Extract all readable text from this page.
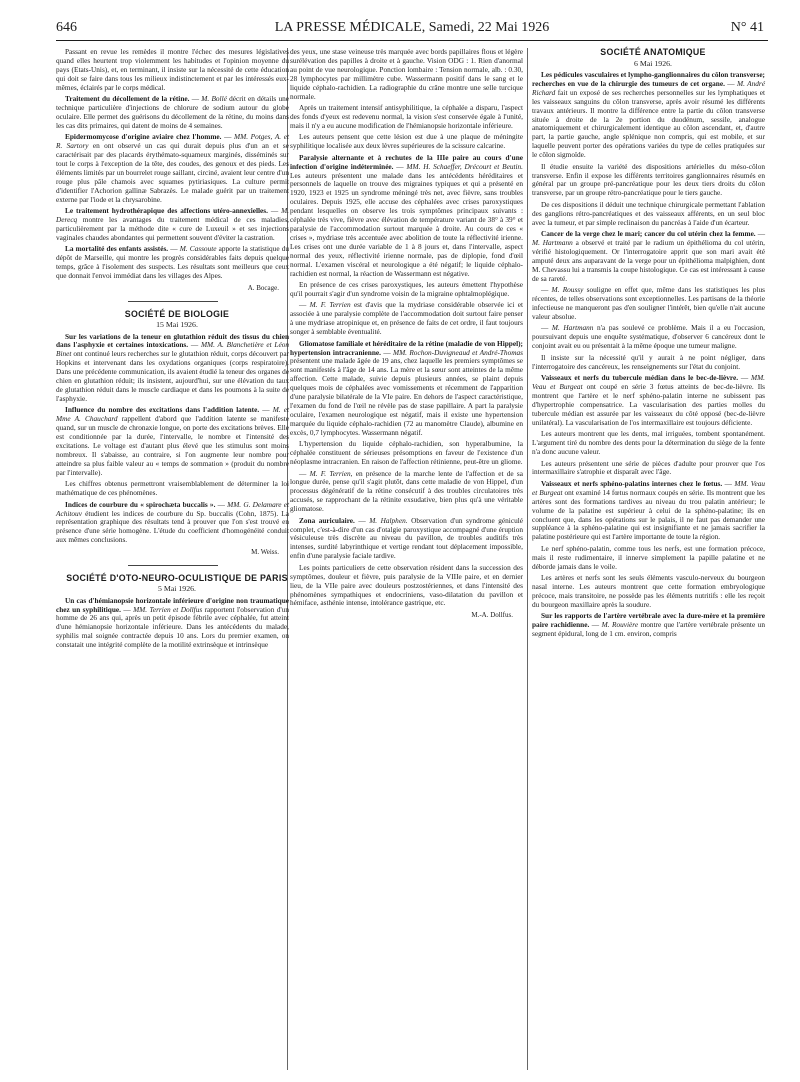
646	LA PRESSE MÉDICALE, Samedi, 22 Mai 1926	N° 41

Passant en revue les remèdes il montre l'échec des mesures législatives quand elles heurtent trop violemment les habitudes et l'opinion moyenne du pays (Etats-Unis), et, en terminant, il insiste sur la nécessité de cette éducation qui doit se faire dans tous les milieux indistinctement et par les intéressés eux-mêmes, éclairés par le corps médical.

Traitement du décollement de la rétine. — M. Bollé décrit en détails une technique particulière d'injections de chlorure de sodium autour du globe oculaire. Elle permet des guérisons du décollement de la rétine, du moins dans les cas dits primaires, qui datent de moins de 4 semaines.

Epidermomycose d'origine aviaire chez l'homme. — MM. Potges, A. et R. Sartory en ont observé un cas qui durait depuis plus d'un an et se caractérisait par des placards érythémato-squameux marginés, disséminés sur tout le corps à l'exception de la tête, des coudes, des genoux et des pieds. Les éléments limités par un bourrelet rouge saillant, circiné, avaient leur centre d'un rouge plus pâle chamois avec squames pytiriasiques. La culture permit d'identifier l'Achorion gallinæ Sabrazès. Le malade guérit par un traitement externe par l'iode et la chrysarobine.

Le traitement hydrothérapique des affections utéro-annexielles. — M. Derecq montre les avantages du traitement médical de ces maladies, particulièrement par la méthode dite « cure de Luxeuil » et ses injections vaginales chaudes abondantes qui permettent souvent d'éviter la castration.

La mortalité des enfants assistés. — M. Cassoute apporte la statistique du dépôt de Marseille, qui montre les progrès considérables faits depuis quelque temps, grâce à l'isolement des suspects. Les résultats sont meilleurs que ceux que donnait l'envoi immédiat dans les villages des Alpes.

A. Bocage.

SOCIÉTÉ DE BIOLOGIE

15 Mai 1926.

Sur les variations de la teneur en glutathion réduit des tissus du chien dans l'asphyxie et certaines intoxications. — MM. A. Blanchetière et Léon Binet ont continué leurs recherches sur le glutathion réduit, corps découvert par Hopkins et intervenant dans les oxydations organiques (corps respiratoire). Dans une précédente communication, ils avaient étudié la teneur des organes de chien en glutathion réduit; ils insistent, aujourd'hui, sur une élévation du taux de glutathion réduit dans le muscle cardiaque et dans les poumons à la suite de l'asphyxie.

Influence du nombre des excitations dans l'addition latente. — M. et Mme A. Chauchard rappellent d'abord que l'addition latente se manifeste quand, sur un muscle de chronaxie longue, on porte des excitations brèves. Elle est conditionnée par la durée, l'intervalle, le nombre et l'intensité des excitations. Le voltage est d'autant plus élevé que les stimulus sont moins nombreux. Il s'abaisse, au contraire, si l'on augmente leur nombre pour atteindre sa plus faible valeur au « temps de sommation » (produit du nombre par l'intervalle).

Les chiffres obtenus permettront vraisemblablement de déterminer la loi mathématique de ces phénomènes.

Indices de courbure du « spirochæta buccalis ». — MM. G. Delamare et Achitouv étudient les indices de courbure du Sp. buccalis (Cohn, 1875). La représentation graphique des résultats tend à prouver que l'on s'est trouvé en présence d'une série homogène. L'étude du coefficient d'homogénéité conduit aux mêmes conclusions.

M. Weiss.

SOCIÉTÉ D'OTO-NEURO-OCULISTIQUE DE PARIS

5 Mai 1926.

Un cas d'hémianopsie horizontale inférieure d'origine non traumatique chez un syphilitique. — MM. Terrien et Dollfus rapportent l'observation d'un homme de 26 ans qui, après un petit épisode fébrile avec céphalée, fut atteint d'une hémianopsie horizontale inférieure. Dans les antécédents du malade, syphilis mal soignée contractée depuis 10 ans. Lors du premier examen, on constatait une intégrité complète de la motilité extrinsèque et intrinsèque

des yeux, une stase veineuse très marquée avec bords papillaires flous et légère surélévation des papilles à droite et à gauche. Vision ODG : 1. Rien d'anormal au point de vue neurologique. Ponction lombaire : Tension normale, alb. : 0.30, 28 lymphocytes par millimètre cube. Wassermann positif dans le sang et le liquide céphalo-rachidien. La radiographie du crâne montre une selle turcique normale.

Après un traitement intensif antisyphilitique, la céphalée a disparu, l'aspect des fonds d'yeux est redevenu normal, la vision s'est conservée égale à l'unité, mais il n'y a eu aucune modification de l'hémianopsie horizontale inférieure.

Les auteurs pensent que cette lésion est due à une plaque de méningite syphilitique localisée aux deux lèvres supérieures de la scissure calcarine.

Paralysie alternante et à rechutes de la IIIe paire au cours d'une infection d'origine indéterminée. — MM. H. Schaeffer, Drécourt et Beutin. Les auteurs présentent une malade dans les antécédents héréditaires et personnels de laquelle on trouve des migraines typiques et qui a présenté en 1920, 1923 et 1925 un syndrome méningé très net, avec fièvre, sans troubles oculaires. Depuis 1925, elle accuse des céphalées avec crises paroxystiques pendant lesquelles on observe les trois symptômes principaux suivants : céphalée très vive, fièvre avec élévation de température variant de 38° à 39° et paralysie de l'accommodation surtout marquée à droite. Au cours de ces « crises », mydriase très accentuée avec abolition de toute la réflectivité irienne. Les crises ont une durée variable de 1 à 8 jours et, dans l'intervalle, aspect normal des yeux, réflectivité irienne normale, pas de diplopie, fond d'œil normal. L'examen viscéral et neurologique a été négatif; le liquide céphalo-rachidien est normal, la réaction de Wassermann est négative.

En présence de ces crises paroxystiques, les auteurs émettent l'hypothèse qu'il pourrait s'agir d'un syndrome voisin de la migraine ophtalmoplégique.

— M. F. Terrien est d'avis que la mydriase considérable observée ici et associée à une paralysie complète de l'accommodation doit surtout faire penser à une mydriase atropinique et, en présence de faits de cet ordre, il faut toujours songer à semblable éventualité.

Gliomatose familiale et héréditaire de la rétine (maladie de von Hippel); hypertension intracranienne. — MM. Rochon-Duvigneaud et André-Thomas présentent une malade âgée de 19 ans, chez laquelle les premiers symptômes se sont manifestés à l'âge de 14 ans. La mère et la sœur sont atteintes de la même affection. Cette malade, suivie depuis plusieurs années, se plaint depuis quelques mois de céphalées avec vomissements et récemment de l'apparition d'une paralysie bilatérale de la VIe paire. En dehors de l'aspect caractéristique, l'examen du fond de l'œil ne révèle pas de stase papillaire. A part la paralysie oculaire, l'examen neurologique est négatif, mais il existe une hypertension marquée du liquide céphalo-rachidien (72 au manomètre Claude), albumine en excès, 0,7 lymphocytes. Wassermann négatif.

L'hypertension du liquide céphalo-rachidien, son hyperalbumine, la céphalée constituent de sérieuses présomptions en faveur de l'existence d'un néoplasme intracranien. En raison de l'affection rétinienne, peut-être un gliome.

— M. F. Terrien, en présence de la marche lente de l'affection et de sa longue durée, pense qu'il s'agit plutôt, dans cette maladie de von Hippel, d'un processus dégénératif de la rétine consécutif à des troubles circulatoires très accusés, se rapprochant de la rétinite exsudative, bien plus qu'à une véritable gliomatose.

Zona auriculaire. — M. Halphen. Observation d'un syndrome géniculé complet, c'est-à-dire d'un cas d'otalgie paroxystique accompagné d'une éruption vésiculeuse très discrète au niveau du pavillon, de troubles auditifs très intenses, surdité labyrinthique et vertige rendant tout déplacement impossible, enfin d'une paralysie faciale tardive.

Les points particuliers de cette observation résident dans la succession des symptômes, douleur et fièvre, puis paralysie de la VIIIe paire, et en dernier lieu, de la VIIe paire avec douleurs postzostériennes, et dans l'intensité des phénomènes sympathiques et endocriniens, vaso-dilatation du pavillon et hémiface, asthénie intense, intolérance gastrique, etc.

M.-A. Dollfus.

SOCIÉTÉ ANATOMIQUE

6 Mai 1926.

Les pédicules vasculaires et lympho-ganglionnaires du côlon transverse; recherches en vue de la chirurgie des tumeurs de cet organe. — M. André Richard fait un exposé de ses recherches personnelles sur les lymphatiques et les vaisseaux sanguins du côlon transverse, après avoir résumé les différents travaux antérieurs. Il montre la différence entre la partie du côlon transverse située à droite de la 2e portion du duodénum, sessile, analogue anatomiquement et chirurgicalement identique au côlon ascendant, et, d'autre part, la partie gauche, angle splénique non compris, qui est mobile, et sur laquelle peuvent porter des opérations variées du type de celles pratiquées sur le côlon sigmoïde.

Il étudie ensuite la variété des dispositions artérielles du méso-côlon transverse. Enfin il expose les différents territoires ganglionnaires résumés en général par un groupe pré-pancréatique pour les deux tiers droits du côlon transverse, par un groupe rétro-pancréatique pour le tiers gauche.

De ces dispositions il déduit une technique chirurgicale permettant l'ablation des ganglions rétro-pancréatiques et des vaisseaux afférents, en un seul bloc avec la tumeur, et par simple reclinaison du pancréas à l'aide d'un écarteur.

Cancer de la verge chez le mari; cancer du col utérin chez la femme. — M. Hartmann a observé et traité par le radium un épithélioma du col utérin, vérifié histologiquement. Or l'interrogatoire apprit que son mari avait été amputé deux ans auparavant de la verge pour un épithélioma malpighien, dont M. Chevassu lui a transmis la coupe histologique. Ce cas est intéressant à cause de sa rareté.

— M. Roussy souligne en effet que, même dans les statistiques les plus récentes, de telles observations sont exceptionnelles. Les partisans de la théorie infectieuse ne manqueront pas d'en souligner l'intérêt, bien qu'elle n'ait aucune valeur absolue.

— M. Hartmann n'a pas soulevé ce problème. Mais il a eu l'occasion, poursuivant depuis une enquête systématique, d'observer 6 cancéreux dont le conjoint avait eu ou présentait à la même époque une tumeur maligne.

Il insiste sur la nécessité qu'il y aurait à ne point négliger, dans l'interrogatoire des cancéreux, les renseignements sur l'état du conjoint.

Vaisseaux et nerfs du tubercule médian dans le bec-de-lièvre. — MM. Veau et Burgeat ont coupé en série 3 fœtus atteints de bec-de-lièvre. Ils montrent que l'artère et le nerf sphéno-palatin interne ne subissent pas d'hypertrophie compensatrice. La vascularisation des parties molles du tubercule médian est assurée par les vaisseaux du côté opposé (bec-de-lièvre unilatéral). La vascularisation de l'os intermaxillaire est toujours déficiente.

Les auteurs montrent que les dents, mal irriguées, tombent spontanément. L'argument tiré du nombre des dents pour la détermination du siège de la fente n'a donc aucune valeur.

Les auteurs présentent une série de pièces d'adulte pour prouver que l'os intermaxillaire s'atrophie et disparaît avec l'âge.

Vaisseaux et nerfs sphéno-palatins internes chez le fœtus. — MM. Veau et Burgeat ont examiné 14 fœtus normaux coupés en série. Ils montrent que les artères sont des formations tardives au niveau du trou palatin antérieur; le volume de la palatine est supérieur à celui de la sphéno-palatine; ils en concluent que, dans les opérations sur le palais, il ne faut pas demander une suppléance à la sphéno-palatine qui est insignifiante et ne jamais sacrifier la palatine postérieure qui est l'artère importante de toute la région.

Le nerf sphéno-palatin, comme tous les nerfs, est une formation précoce, mais il reste rudimentaire, il innerve simplement la papille palatine et ne déborde jamais dans le voile.

Les artères et nerfs sont les seuls éléments vasculo-nerveux du bourgeon nasal interne. Les auteurs montrent que cette formation embryologique précoce, mais transitoire, ne possède pas les éléments nutritifs : elle les reçoit du bourgeon maxillaire après la soudure.

Sur les rapports de l'artère vertébrale avec la dure-mère et la première paire rachidienne. — M. Rouvière montre que l'artère vertébrale présente un segment épidural, long de 1 cm. environ, compris
